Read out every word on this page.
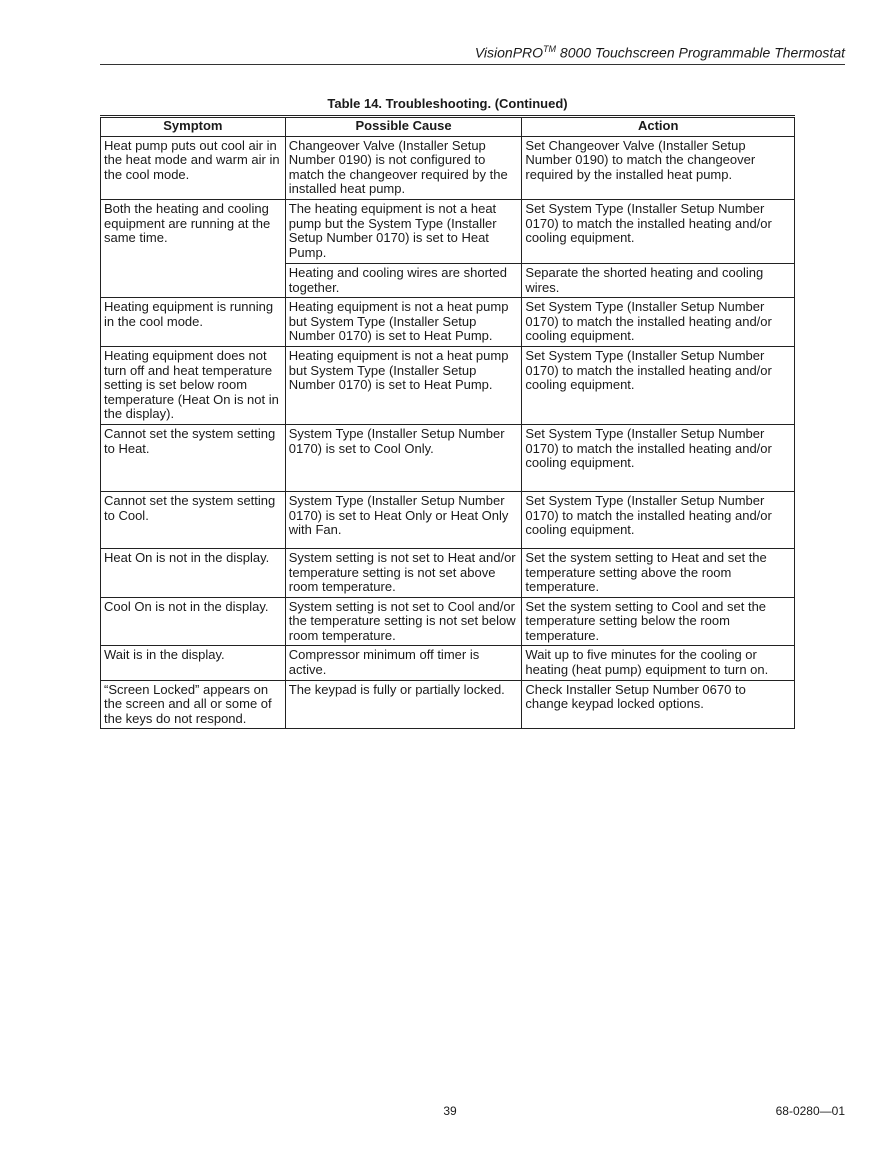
VisionPRO™ 8000 Touchscreen Programmable Thermostat
Table 14. Troubleshooting. (Continued)
Symptom	Possible Cause	Action
Heat pump puts out cool air in the heat mode and warm air in the cool mode.	Changeover Valve (Installer Setup Number 0190) is not configured to match the changeover required by the installed heat pump.	Set Changeover Valve (Installer Setup Number 0190) to match the changeover required by the installed heat pump.
Both the heating and cooling equipment are running at the same time.	The heating equipment is not a heat pump but the System Type (Installer Setup Number 0170) is set to Heat Pump.	Set System Type (Installer Setup Number 0170) to match the installed heating and/or cooling equipment.
	Heating and cooling wires are shorted together.	Separate the shorted heating and cooling wires.
Heating equipment is running in the cool mode.	Heating equipment is not a heat pump but System Type (Installer Setup Number 0170) is set to Heat Pump.	Set System Type (Installer Setup Number 0170) to match the installed heating and/or cooling equipment.
Heating equipment does not turn off and heat temperature setting is set below room temperature (Heat On is not in the display).	Heating equipment is not a heat pump but System Type (Installer Setup Number 0170) is set to Heat Pump.	Set System Type (Installer Setup Number 0170) to match the installed heating and/or cooling equipment.
Cannot set the system setting to Heat.	System Type (Installer Setup Number 0170) is set to Cool Only.	Set System Type (Installer Setup Number 0170) to match the installed heating and/or cooling equipment.
Cannot set the system setting to Cool.	System Type (Installer Setup Number 0170) is set to Heat Only or Heat Only with Fan.	Set System Type (Installer Setup Number 0170) to match the installed heating and/or cooling equipment.
Heat On is not in the display.	System setting is not set to Heat and/or temperature setting is not set above room temperature.	Set the system setting to Heat and set the temperature setting above the room temperature.
Cool On is not in the display.	System setting is not set to Cool and/or the temperature setting is not set below room temperature.	Set the system setting to Cool and set the temperature setting below the room temperature.
Wait is in the display.	Compressor minimum off timer is active.	Wait up to five minutes for the cooling or heating (heat pump) equipment to turn on.
“Screen Locked” appears on the screen and all or some of the keys do not respond.	The keypad is fully or partially locked.	Check Installer Setup Number 0670 to change keypad locked options.
39	68-0280—01
